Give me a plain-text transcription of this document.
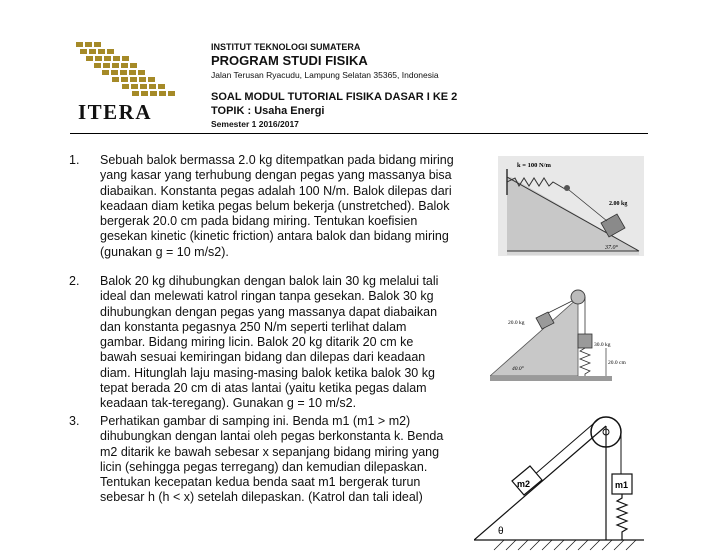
ITERA
INSTITUT TEKNOLOGI SUMATERA
PROGRAM STUDI FISIKA
Jalan Terusan Ryacudu, Lampung Selatan 35365, Indonesia
SOAL MODUL TUTORIAL FISIKA DASAR I KE 2
TOPIK : Usaha Energi
Semester 1 2016/2017
1. Sebuah balok bermassa 2.0 kg ditempatkan pada bidang miring

yang kasar yang terhubung dengan pegas yang massanya bisa

diabaikan. Konstanta pegas adalah 100 N/m. Balok dilepas dari

keadaan diam ketika pegas belum bekerja (unstretched). Balok

bergerak 20.0 cm pada bidang miring. Tentukan koefisien

gesekan kinetic (kinetic friction) antara balok dan bidang miring

(gunakan g = 10 m/s2).

k = 100 N/m
2.00 kg
37.0°
2. Balok 20 kg dihubungkan dengan balok lain 30 kg melalui tali

ideal dan melewati katrol ringan tanpa gesekan. Balok 30 kg

dihubungkan dengan pegas yang massanya dapat diabaikan

dan konstanta pegasnya 250 N/m seperti terlihat dalam

gambar. Bidang miring licin. Balok 20 kg ditarik 20 cm ke

bawah sesuai kemiringan bidang dan dilepas dari keadaan

diam. Hitunglah laju masing-masing balok ketika balok 30 kg

tepat berada 20 cm di atas lantai (yaitu ketika pegas dalam

keadaan tak-teregang). Gunakan g = 10 m/s2.

20.0 kg
30.0 kg
20.0 cm
40.0°
3. Perhatikan gambar di samping ini. Benda m1 (m1 > m2)

dihubungkan dengan lantai oleh pegas berkonstanta k. Benda

m2 ditarik ke bawah sebesar x sepanjang bidang miring yang

licin (sehingga pegas terregang) dan kemudian dilepaskan.

Tentukan kecepatan kedua benda saat m1 bergerak turun

sebesar h (h < x) setelah dilepaskan. (Katrol dan tali ideal)

m2	m1
θ
